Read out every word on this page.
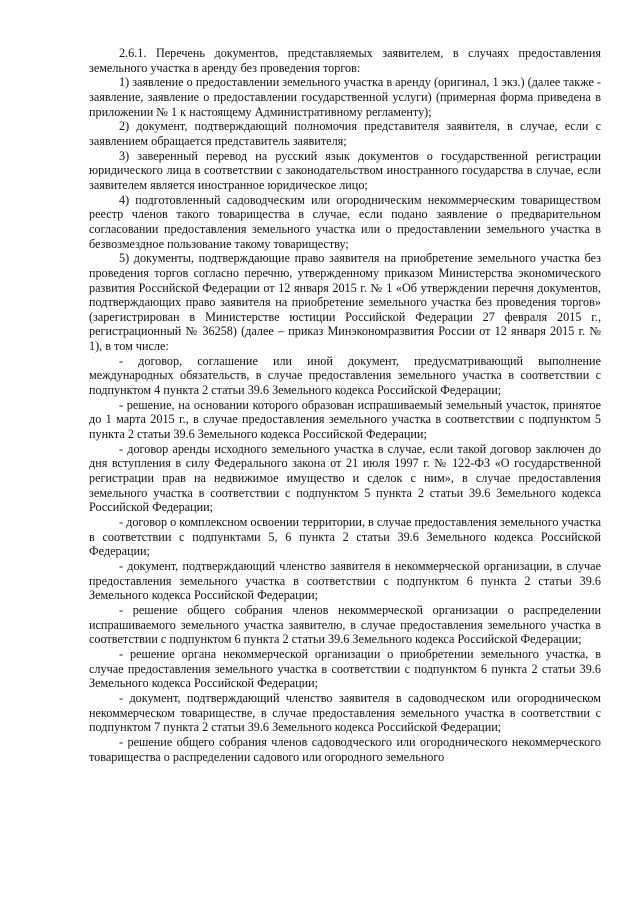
2.6.1. Перечень документов, представляемых заявителем, в случаях предоставления земельного участка в аренду без проведения торгов:

1) заявление о предоставлении земельного участка в аренду (оригинал, 1 экз.) (далее также - заявление, заявление о предоставлении государственной услуги) (примерная форма приведена в приложении № 1 к настоящему Административному регламенту);

2) документ, подтверждающий полномочия представителя заявителя, в случае, если с заявлением обращается представитель заявителя;

3) заверенный перевод на русский язык документов о государственной регистрации юридического лица в соответствии с законодательством иностранного государства в случае, если заявителем является иностранное юридическое лицо;

4) подготовленный садоводческим или огородническим некоммерческим товариществом реестр членов такого товарищества в случае, если подано заявление о предварительном согласовании предоставления земельного участка или о предоставлении земельного участка в безвозмездное пользование такому товариществу;

5) документы, подтверждающие право заявителя на приобретение земельного участка без проведения торгов согласно перечню, утвержденному приказом Министерства экономического развития Российской Федерации от 12 января 2015 г. № 1 «Об утверждении перечня документов, подтверждающих право заявителя на приобретение земельного участка без проведения торгов» (зарегистрирован в Министерстве юстиции Российской Федерации 27 февраля 2015 г., регистрационный № 36258) (далее – приказ Минэкономразвития России от 12 января 2015 г. № 1), в том числе:

- договор, соглашение или иной документ, предусматривающий выполнение международных обязательств, в случае предоставления земельного участка в соответствии с подпунктом 4 пункта 2 статьи 39.6 Земельного кодекса Российской Федерации;

- решение, на основании которого образован испрашиваемый земельный участок, принятое до 1 марта 2015 г., в случае предоставления земельного участка в соответствии с подпунктом 5 пункта 2 статьи 39.6 Земельного кодекса Российской Федерации;

- договор аренды исходного земельного участка в случае, если такой договор заключен до дня вступления в силу Федерального закона от 21 июля 1997 г. № 122-ФЗ «О государственной регистрации прав на недвижимое имущество и сделок с ним», в случае предоставления земельного участка в соответствии с подпунктом 5 пункта 2 статьи 39.6 Земельного кодекса Российской Федерации;

- договор о комплексном освоении территории, в случае предоставления земельного участка в соответствии с подпунктами 5, 6 пункта 2 статьи 39.6 Земельного кодекса Российской Федерации;

- документ, подтверждающий членство заявителя в некоммерческой организации, в случае предоставления земельного участка в соответствии с подпунктом 6 пункта 2 статьи 39.6 Земельного кодекса Российской Федерации;

- решение общего собрания членов некоммерческой организации о распределении испрашиваемого земельного участка заявителю, в случае предоставления земельного участка в соответствии с подпунктом 6 пункта 2 статьи 39.6 Земельного кодекса Российской Федерации;

- решение органа некоммерческой организации о приобретении земельного участка, в случае предоставления земельного участка в соответствии с подпунктом 6 пункта 2 статьи 39.6 Земельного кодекса Российской Федерации;

- документ, подтверждающий членство заявителя в садоводческом или огородническом некоммерческом товариществе, в случае предоставления земельного участка в соответствии с подпунктом 7 пункта 2 статьи 39.6 Земельного кодекса Российской Федерации;

- решение общего собрания членов садоводческого или огороднического некоммерческого товарищества о распределении садового или огородного земельного
